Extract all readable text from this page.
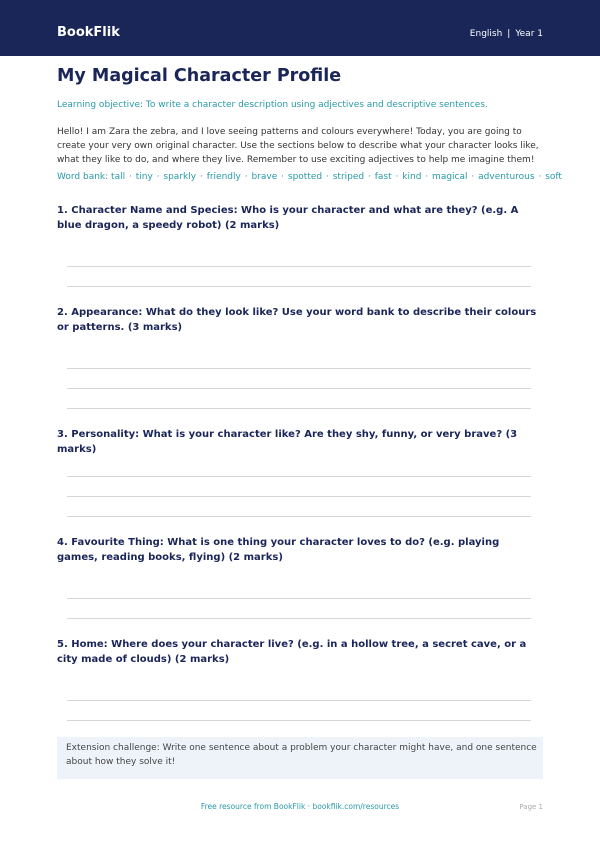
BookFlik	English | Year 1
My Magical Character Profile
Learning objective: To write a character description using adjectives and descriptive sentences.
Hello! I am Zara the zebra, and I love seeing patterns and colours everywhere! Today, you are going to create your very own original character. Use the sections below to describe what your character looks like, what they like to do, and where they live. Remember to use exciting adjectives to help me imagine them!
Word bank: tall · tiny · sparkly · friendly · brave · spotted · striped · fast · kind · magical · adventurous · soft

1. Character Name and Species: Who is your character and what are they? (e.g. A blue dragon, a speedy robot) (2 marks)

2. Appearance: What do they look like? Use your word bank to describe their colours or patterns. (3 marks)

3. Personality: What is your character like? Are they shy, funny, or very brave? (3 marks)

4. Favourite Thing: What is one thing your character loves to do? (e.g. playing games, reading books, flying) (2 marks)

5. Home: Where does your character live? (e.g. in a hollow tree, a secret cave, or a city made of clouds) (2 marks)

Extension challenge: Write one sentence about a problem your character might have, and one sentence about how they solve it!
Free resource from BookFlik · bookflik.com/resources	Page 1
